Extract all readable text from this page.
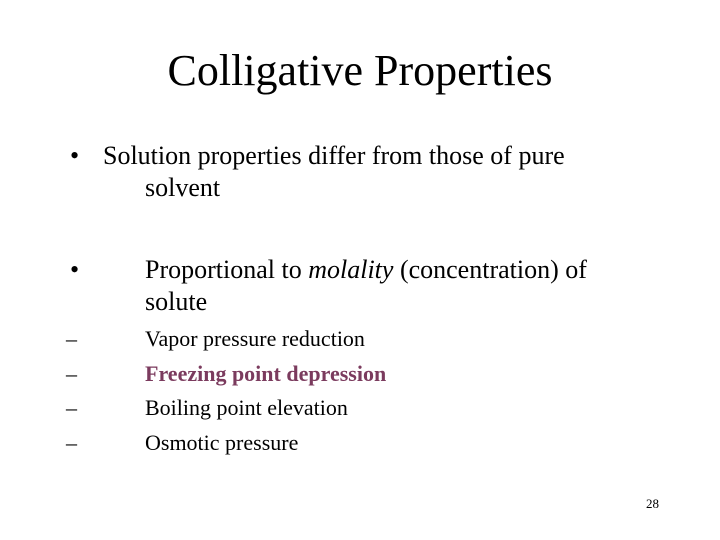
Colligative Properties
• Solution properties differ from those of pure
solvent
•	Proportional to molality (concentration) of
solute
–	Vapor pressure reduction
–	Freezing point depression
–	Boiling point elevation
–	Osmotic pressure
28
